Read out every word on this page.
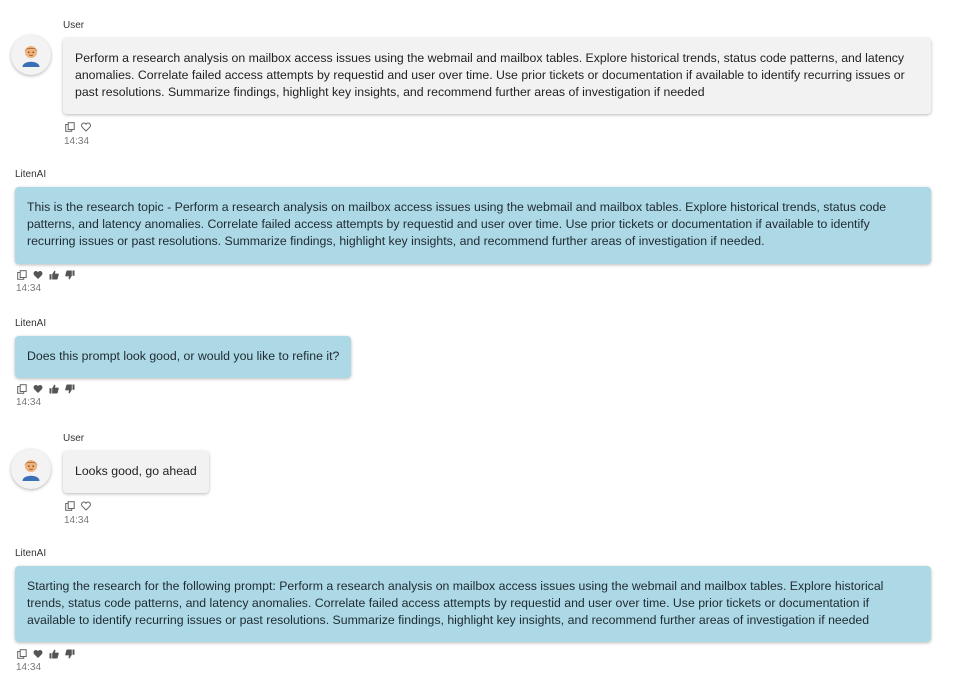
User
Perform a research analysis on mailbox access issues using the webmail and mailbox tables. Explore historical trends, status code patterns, and latency anomalies. Correlate failed access attempts by requestid and user over time. Use prior tickets or documentation if available to identify recurring issues or past resolutions. Summarize findings, highlight key insights, and recommend further areas of investigation if needed
14:34
LitenAI
This is the research topic - Perform a research analysis on mailbox access issues using the webmail and mailbox tables. Explore historical trends, status code patterns, and latency anomalies. Correlate failed access attempts by requestid and user over time. Use prior tickets or documentation if available to identify recurring issues or past resolutions. Summarize findings, highlight key insights, and recommend further areas of investigation if needed.
14:34
LitenAI
Does this prompt look good, or would you like to refine it?
14:34
User
Looks good, go ahead
14:34
LitenAI
Starting the research for the following prompt: Perform a research analysis on mailbox access issues using the webmail and mailbox tables. Explore historical trends, status code patterns, and latency anomalies. Correlate failed access attempts by requestid and user over time. Use prior tickets or documentation if available to identify recurring issues or past resolutions. Summarize findings, highlight key insights, and recommend further areas of investigation if needed
14:34
